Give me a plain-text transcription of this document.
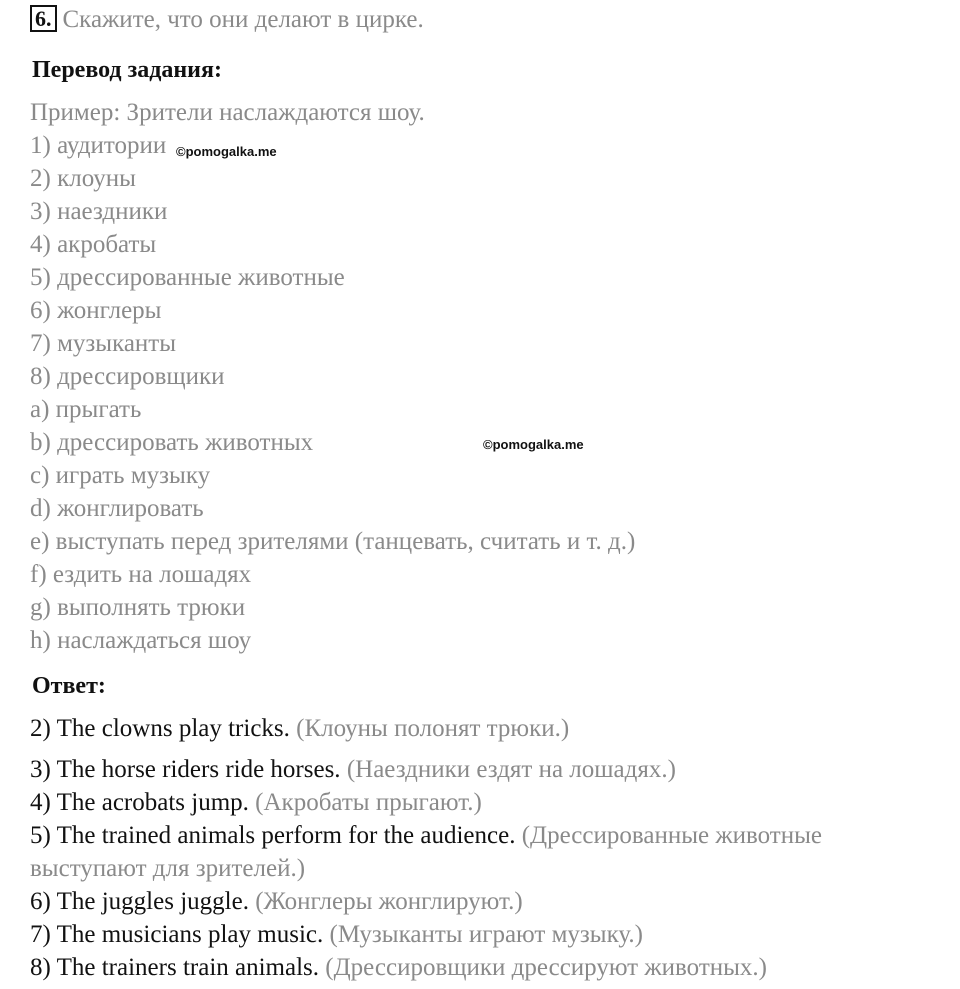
6. Скажите, что они делают в цирке.
Перевод задания:
Пример: Зрители наслаждаются шоу.
1) аудитории
2) клоуны
3) наездники
4) акробаты
5) дрессированные животные
6) жонглеры
7) музыканты
8) дрессировщики
a) прыгать
b) дрессировать животных
c) играть музыку
d) жонглировать
e) выступать перед зрителями (танцевать, считать и т. д.)
f) ездить на лошадях
g) выполнять трюки
h) наслаждаться шоу
Ответ:
2) The clowns play tricks. (Клоуны полонят трюки.)
3) The horse riders ride horses. (Наездники ездят на лошадях.)
4) The acrobats jump. (Акробаты прыгают.)
5) The trained animals perform for the audience. (Дрессированные животные
выступают для зрителей.)
6) The juggles juggle. (Жонглеры жонглируют.)
7) The musicians play music. (Музыканты играют музыку.)
8) The trainers train animals. (Дрессировщики дрессируют животных.)
©pomogalka.me
©pomogalka.me
